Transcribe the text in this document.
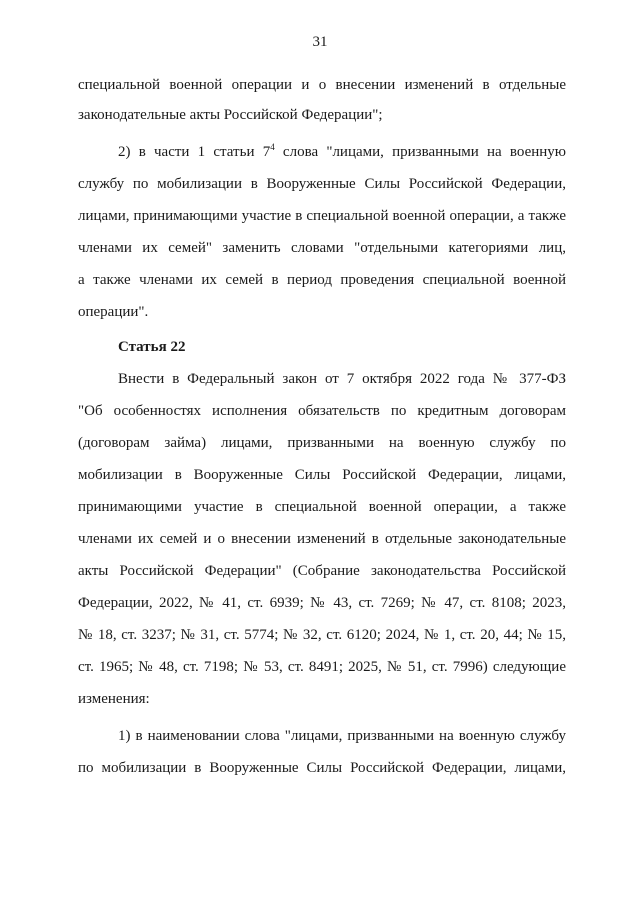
31
специальной военной операции и о внесении изменений в отдельные
законодательные акты Российской Федерации";
2) в части 1 статьи $7^4$ слова "лицами, призванными на военную
службу по мобилизации в Вооруженные Силы Российской Федерации,
лицами, принимающими участие в специальной военной операции, а также
членами их семей" заменить словами "отдельными категориями лиц,
а также членами их семей в период проведения специальной военной
операции".
Статья 22
Внести в Федеральный закон от 7 октября 2022 года № 377-ФЗ
"Об особенностях исполнения обязательств по кредитным договорам
(договорам займа) лицами, призванными на военную службу по
мобилизации в Вооруженные Силы Российской Федерации, лицами,
принимающими участие в специальной военной операции, а также
членами их семей и о внесении изменений в отдельные законодательные
акты Российской Федерации" (Собрание законодательства Российской
Федерации, 2022, № 41, ст. 6939; № 43, ст. 7269; № 47, ст. 8108; 2023,
№ 18, ст. 3237; № 31, ст. 5774; № 32, ст. 6120; 2024, № 1, ст. 20, 44; № 15,
ст. 1965; № 48, ст. 7198; № 53, ст. 8491; 2025, № 51, ст. 7996) следующие
изменения:
1) в наименовании слова "лицами, призванными на военную службу
по мобилизации в Вооруженные Силы Российской Федерации, лицами,
